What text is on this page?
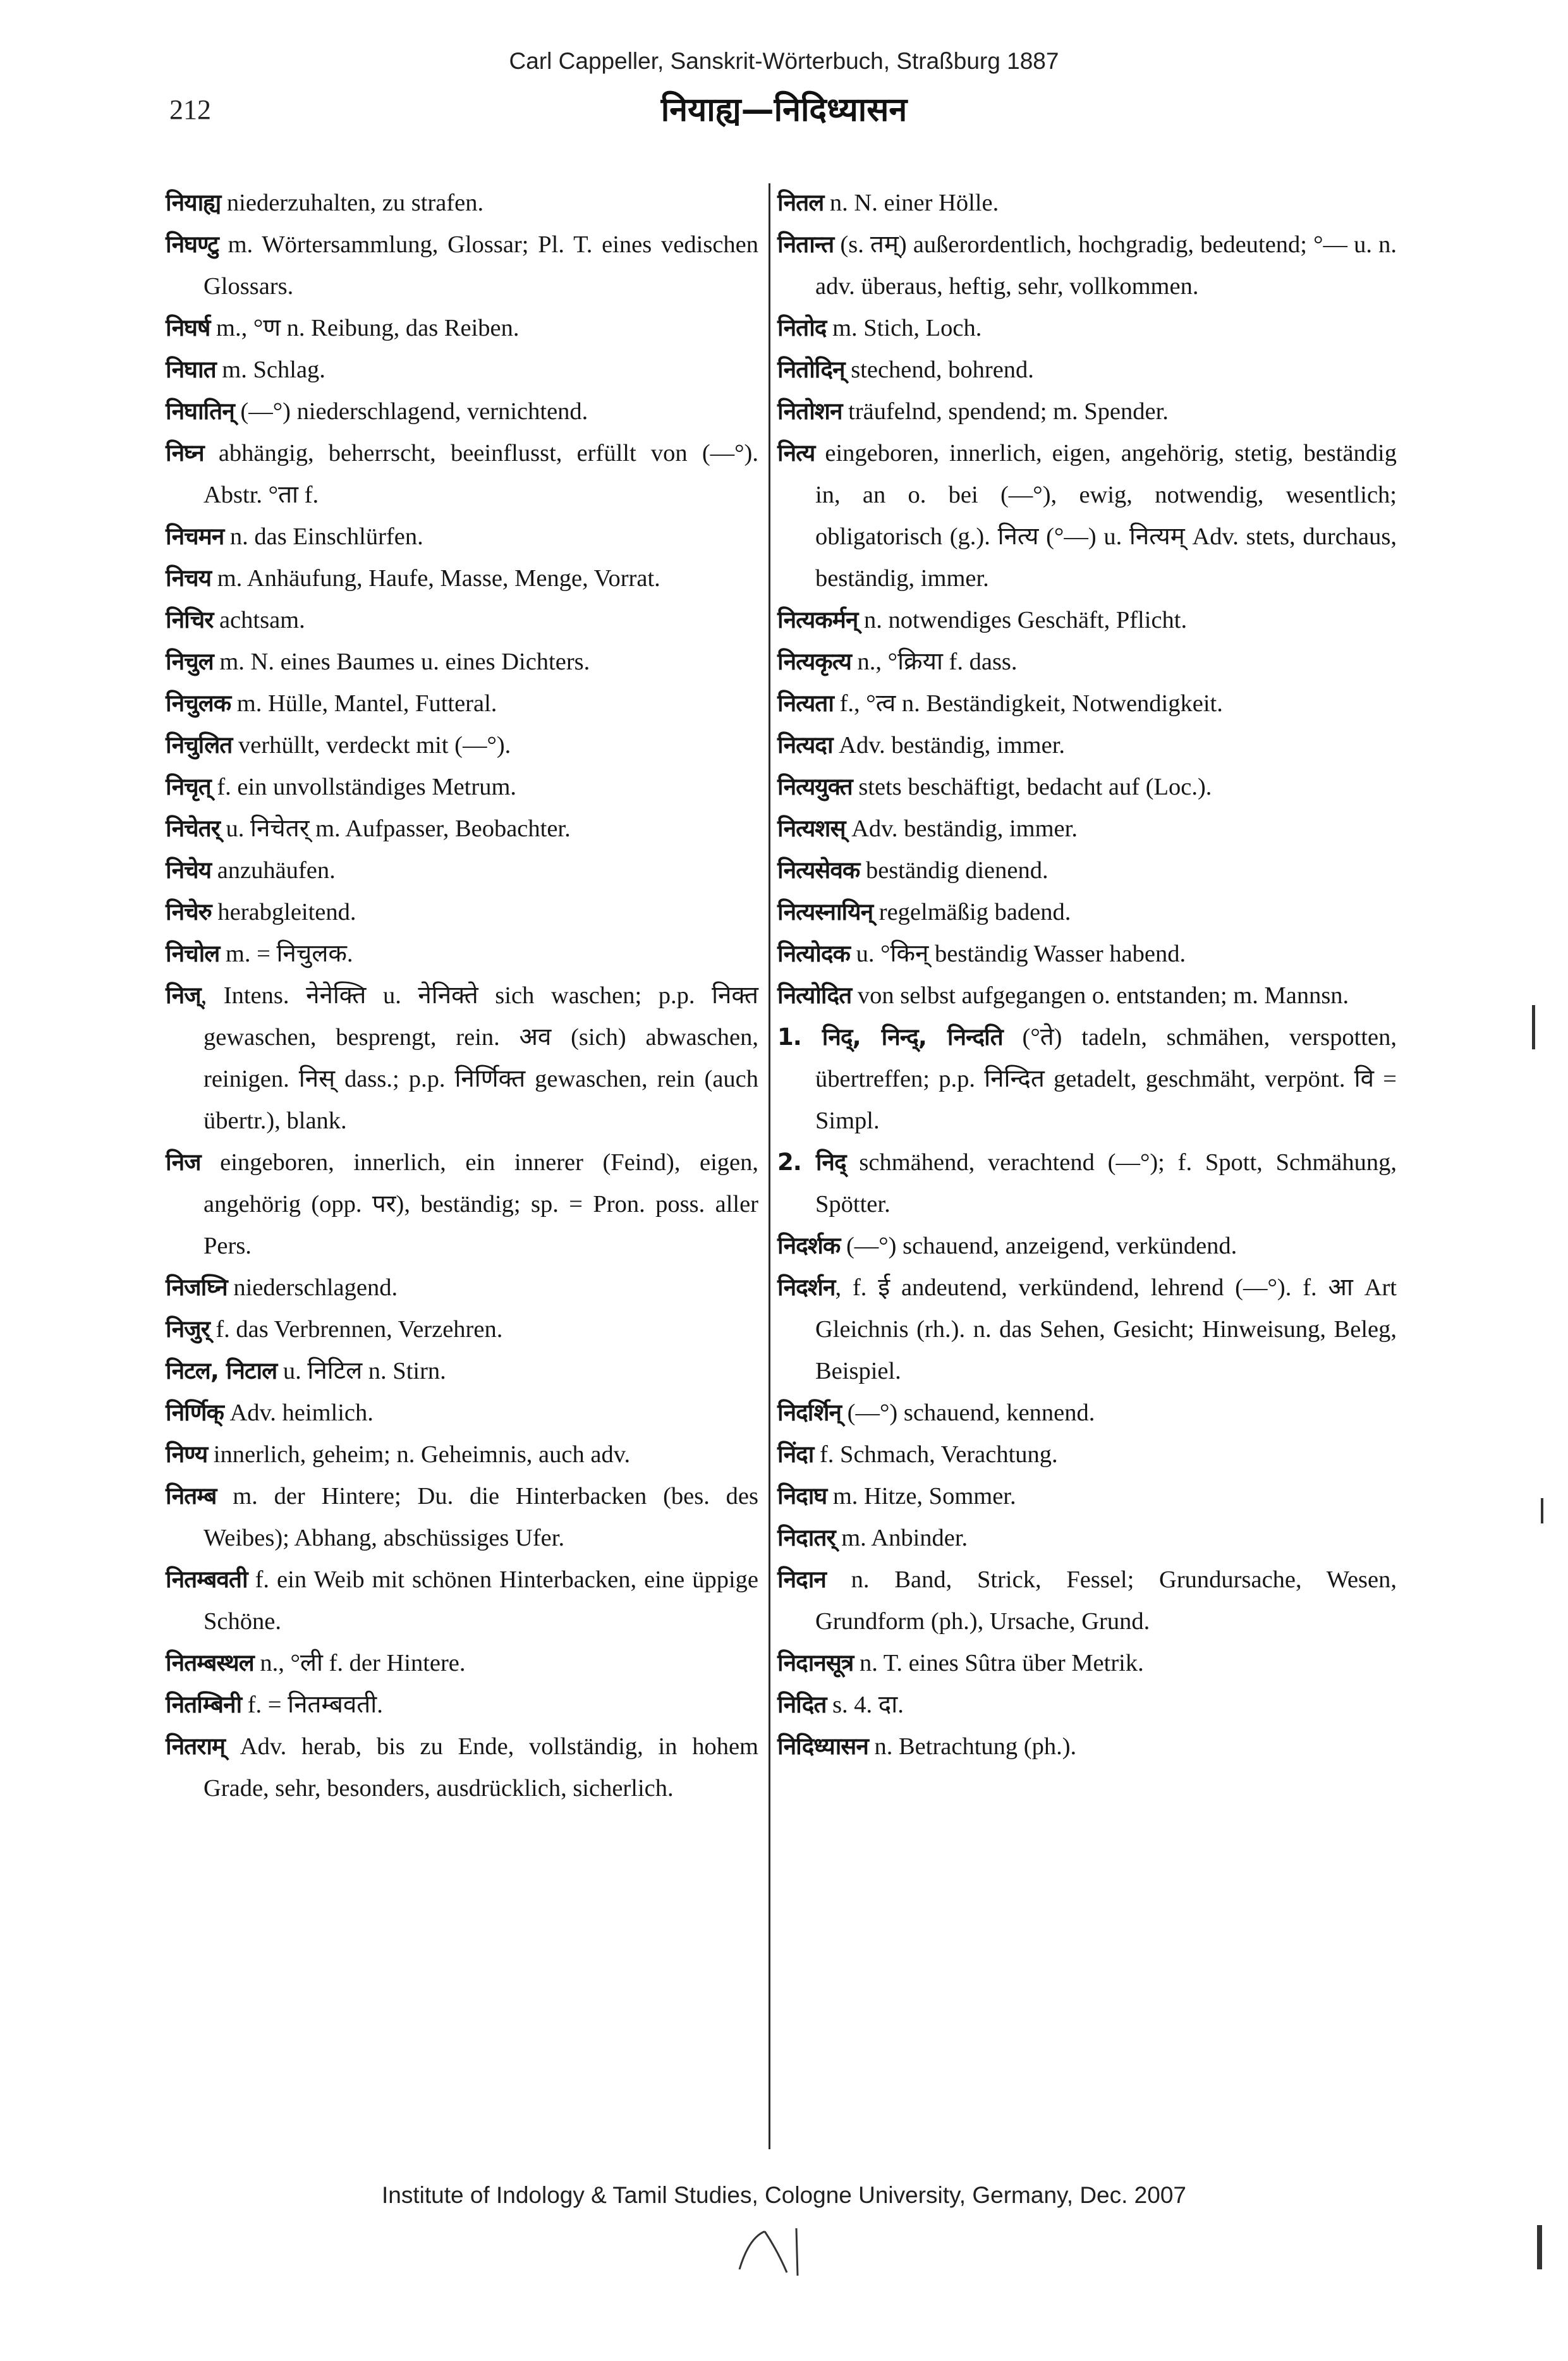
Carl Cappeller, Sanskrit-Wörterbuch, Straßburg 1887
212	नियाह्य—निदिध्यासन
नियाह्य niederzuhalten, zu strafen.
निघण्टु m. Wörtersammlung, Glossar; Pl. T. eines vedischen Glossars.
निघर्ष m., °ण n. Reibung, das Reiben.
निघात m. Schlag.
निघातिन् (—°) niederschlagend, vernichtend.
निघ्न abhängig, beherrscht, beeinflusst, erfüllt von (—°). Abstr. °ता f.
निचमन n. das Einschlürfen.
निचय m. Anhäufung, Haufe, Masse, Menge, Vorrat.
निचिर achtsam.
निचुल m. N. eines Baumes u. eines Dichters.
निचुलक m. Hülle, Mantel, Futteral.
निचुलित verhüllt, verdeckt mit (—°).
निचृत् f. ein unvollständiges Metrum.
निचेतर् u. निचेतर् m. Aufpasser, Beobachter.
निचेय anzuhäufen.
निचेरु herabgleitend.
निचोल m. = निचुलक.
निज्, Intens. नेनेक्ति u. नेनिक्ते sich waschen; p.p. निक्त gewaschen, besprengt, rein. अव (sich) abwaschen, reinigen. निस् dass.; p.p. निर्णिक्त gewaschen, rein (auch übertr.), blank.
निज eingeboren, innerlich, ein innerer (Feind), eigen, angehörig (opp. पर), beständig; sp. = Pron. poss. aller Pers.
निजघ्नि niederschlagend.
निजुर् f. das Verbrennen, Verzehren.
निटल, निटाल u. निटिल n. Stirn.
निर्णिक् Adv. heimlich.
निण्य innerlich, geheim; n. Geheimnis, auch adv.
नितम्ब m. der Hintere; Du. die Hinterbacken (bes. des Weibes); Abhang, abschüssiges Ufer.
नितम्बवती f. ein Weib mit schönen Hinterbacken, eine üppige Schöne.
नितम्बस्थल n., °ली f. der Hintere.
नितम्बिनी f. = नितम्बवती.
नितराम् Adv. herab, bis zu Ende, vollständig, in hohem Grade, sehr, besonders, ausdrücklich, sicherlich.
नितल n. N. einer Hölle.
नितान्त (s. तम्) außerordentlich, hochgradig, bedeutend; °— u. n. adv. überaus, heftig, sehr, vollkommen.
नितोद m. Stich, Loch.
नितोदिन् stechend, bohrend.
नितोशन träufelnd, spendend; m. Spender.
नित्य eingeboren, innerlich, eigen, angehörig, stetig, beständig in, an o. bei (—°), ewig, notwendig, wesentlich; obligatorisch (g.). नित्य (°—) u. नित्यम् Adv. stets, durchaus, beständig, immer.
नित्यकर्मन् n. notwendiges Geschäft, Pflicht.
नित्यकृत्य n., °क्रिया f. dass.
नित्यता f., °त्व n. Beständigkeit, Notwendigkeit.
नित्यदा Adv. beständig, immer.
नित्ययुक्त stets beschäftigt, bedacht auf (Loc.).
नित्यशस् Adv. beständig, immer.
नित्यसेवक beständig dienend.
नित्यस्नायिन् regelmäßig badend.
नित्योदक u. °किन् beständig Wasser habend.
नित्योदित von selbst aufgegangen o. entstanden; m. Mannsn.
1. निद्, निन्द्, निन्दति (°ते) tadeln, schmähen, verspotten, übertreffen; p.p. निन्दित getadelt, geschmäht, verpönt. वि = Simpl.
2. निद् schmähend, verachtend (—°); f. Spott, Schmähung, Spötter.
निदर्शक (—°) schauend, anzeigend, verkündend.
निदर्शन, f. ई andeutend, verkündend, lehrend (—°). f. आ Art Gleichnis (rh.). n. das Sehen, Gesicht; Hinweisung, Beleg, Beispiel.
निदर्शिन् (—°) schauend, kennend.
निंदा f. Schmach, Verachtung.
निदाघ m. Hitze, Sommer.
निदातर् m. Anbinder.
निदान n. Band, Strick, Fessel; Grundursache, Wesen, Grundform (ph.), Ursache, Grund.
निदानसूत्र n. T. eines Sûtra über Metrik.
निदित s. 4. दा.
निदिध्यासन n. Betrachtung (ph.).
Institute of Indology & Tamil Studies, Cologne University, Germany, Dec. 2007
